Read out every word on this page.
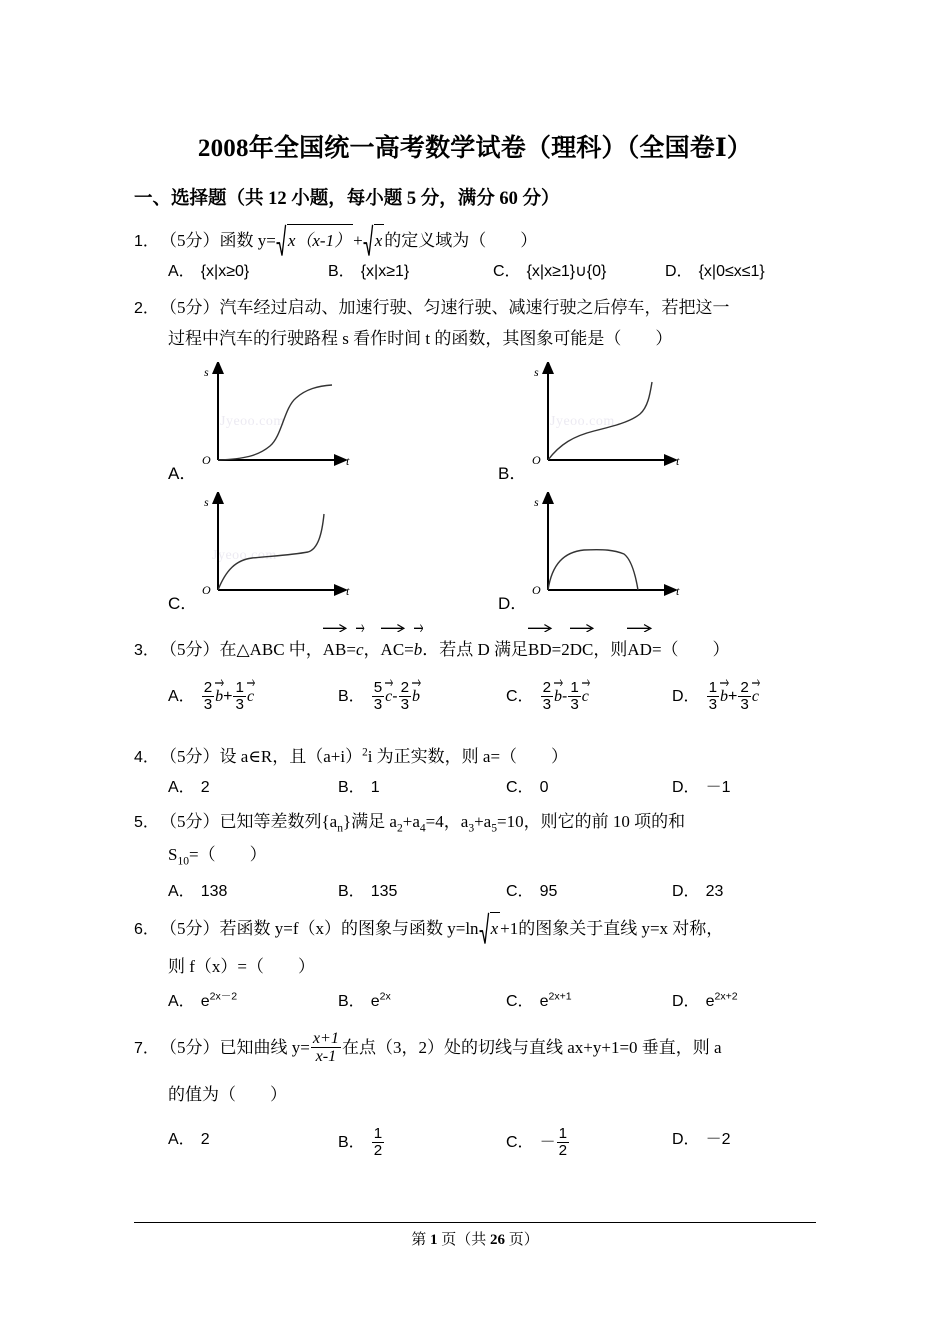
2008年全国统一高考数学试卷（理科）（全国卷Ⅰ）
一、选择题（共 12 小题，每小题 5 分，满分 60 分）
1．（5分）函数 y= x（x-1） + x 的定义域为（　　）
A． {x|x≥0}	B． {x|x≥1}	C． {x|x≥1}∪{0}	D． {x|0≤x≤1}
2．（5分）汽车经过启动、加速行驶、匀速行驶、减速行驶之后停车，若把这一
过程中汽车的行驶路程 s 看作时间 t 的函数，其图象可能是（　　）
A．
Jyeoo.com
s
t
O
B．
Jyeoo.com
s
t
O
C．
Jyeoo.com
s
t
O
D．
s
t
O
3．（5分）在△ABC 中，
AB=
c，
AC=
b．若点 D 满足
BD=2
DC，则
AD=（　　）
A． $\frac{2}{3} b+ \frac{1}{3}$ c	B． $\frac{5}{3} c- \frac{2}{3}$ b	C． $\frac{2}{3} b- \frac{1}{3}$ c	D． $\frac{1}{3} b+ \frac{2}{3}$ c
4．（5分）设 a∈R，且$(a+i)^2i$ 为正实数，则 a=（　　）
A． 2	B． 1	C． 0	D． －1
5．（5分）已知等差数列$\{a_n\}$满足 $a_2+a_4=4$，$a_3+a_5=10$，则它的前 10 项的和
$S_{10}=$（　　）
A． 138	B． 135	C． 95	D． 23
6．（5分）若函数 y=f（x）的图象与函数 y=ln x +1的图象关于直线 y=x 对称，
则 f（x）=（　　）
A． $e^{2x-2}$	B． $e^{2x}$	C． $e^{2x+1}$	D． $e^{2x+2}$
7．（5分）已知曲线 $y= \frac{x+1}{x-1}$ 在点（3，2）处的切线与直线 ax+y+1=0 垂直，则 a
的值为（　　）
A． 2	B． $\frac{1}{2}$	C． － $\frac{1}{2}$	D． －2
第 1 页（共 26 页）
